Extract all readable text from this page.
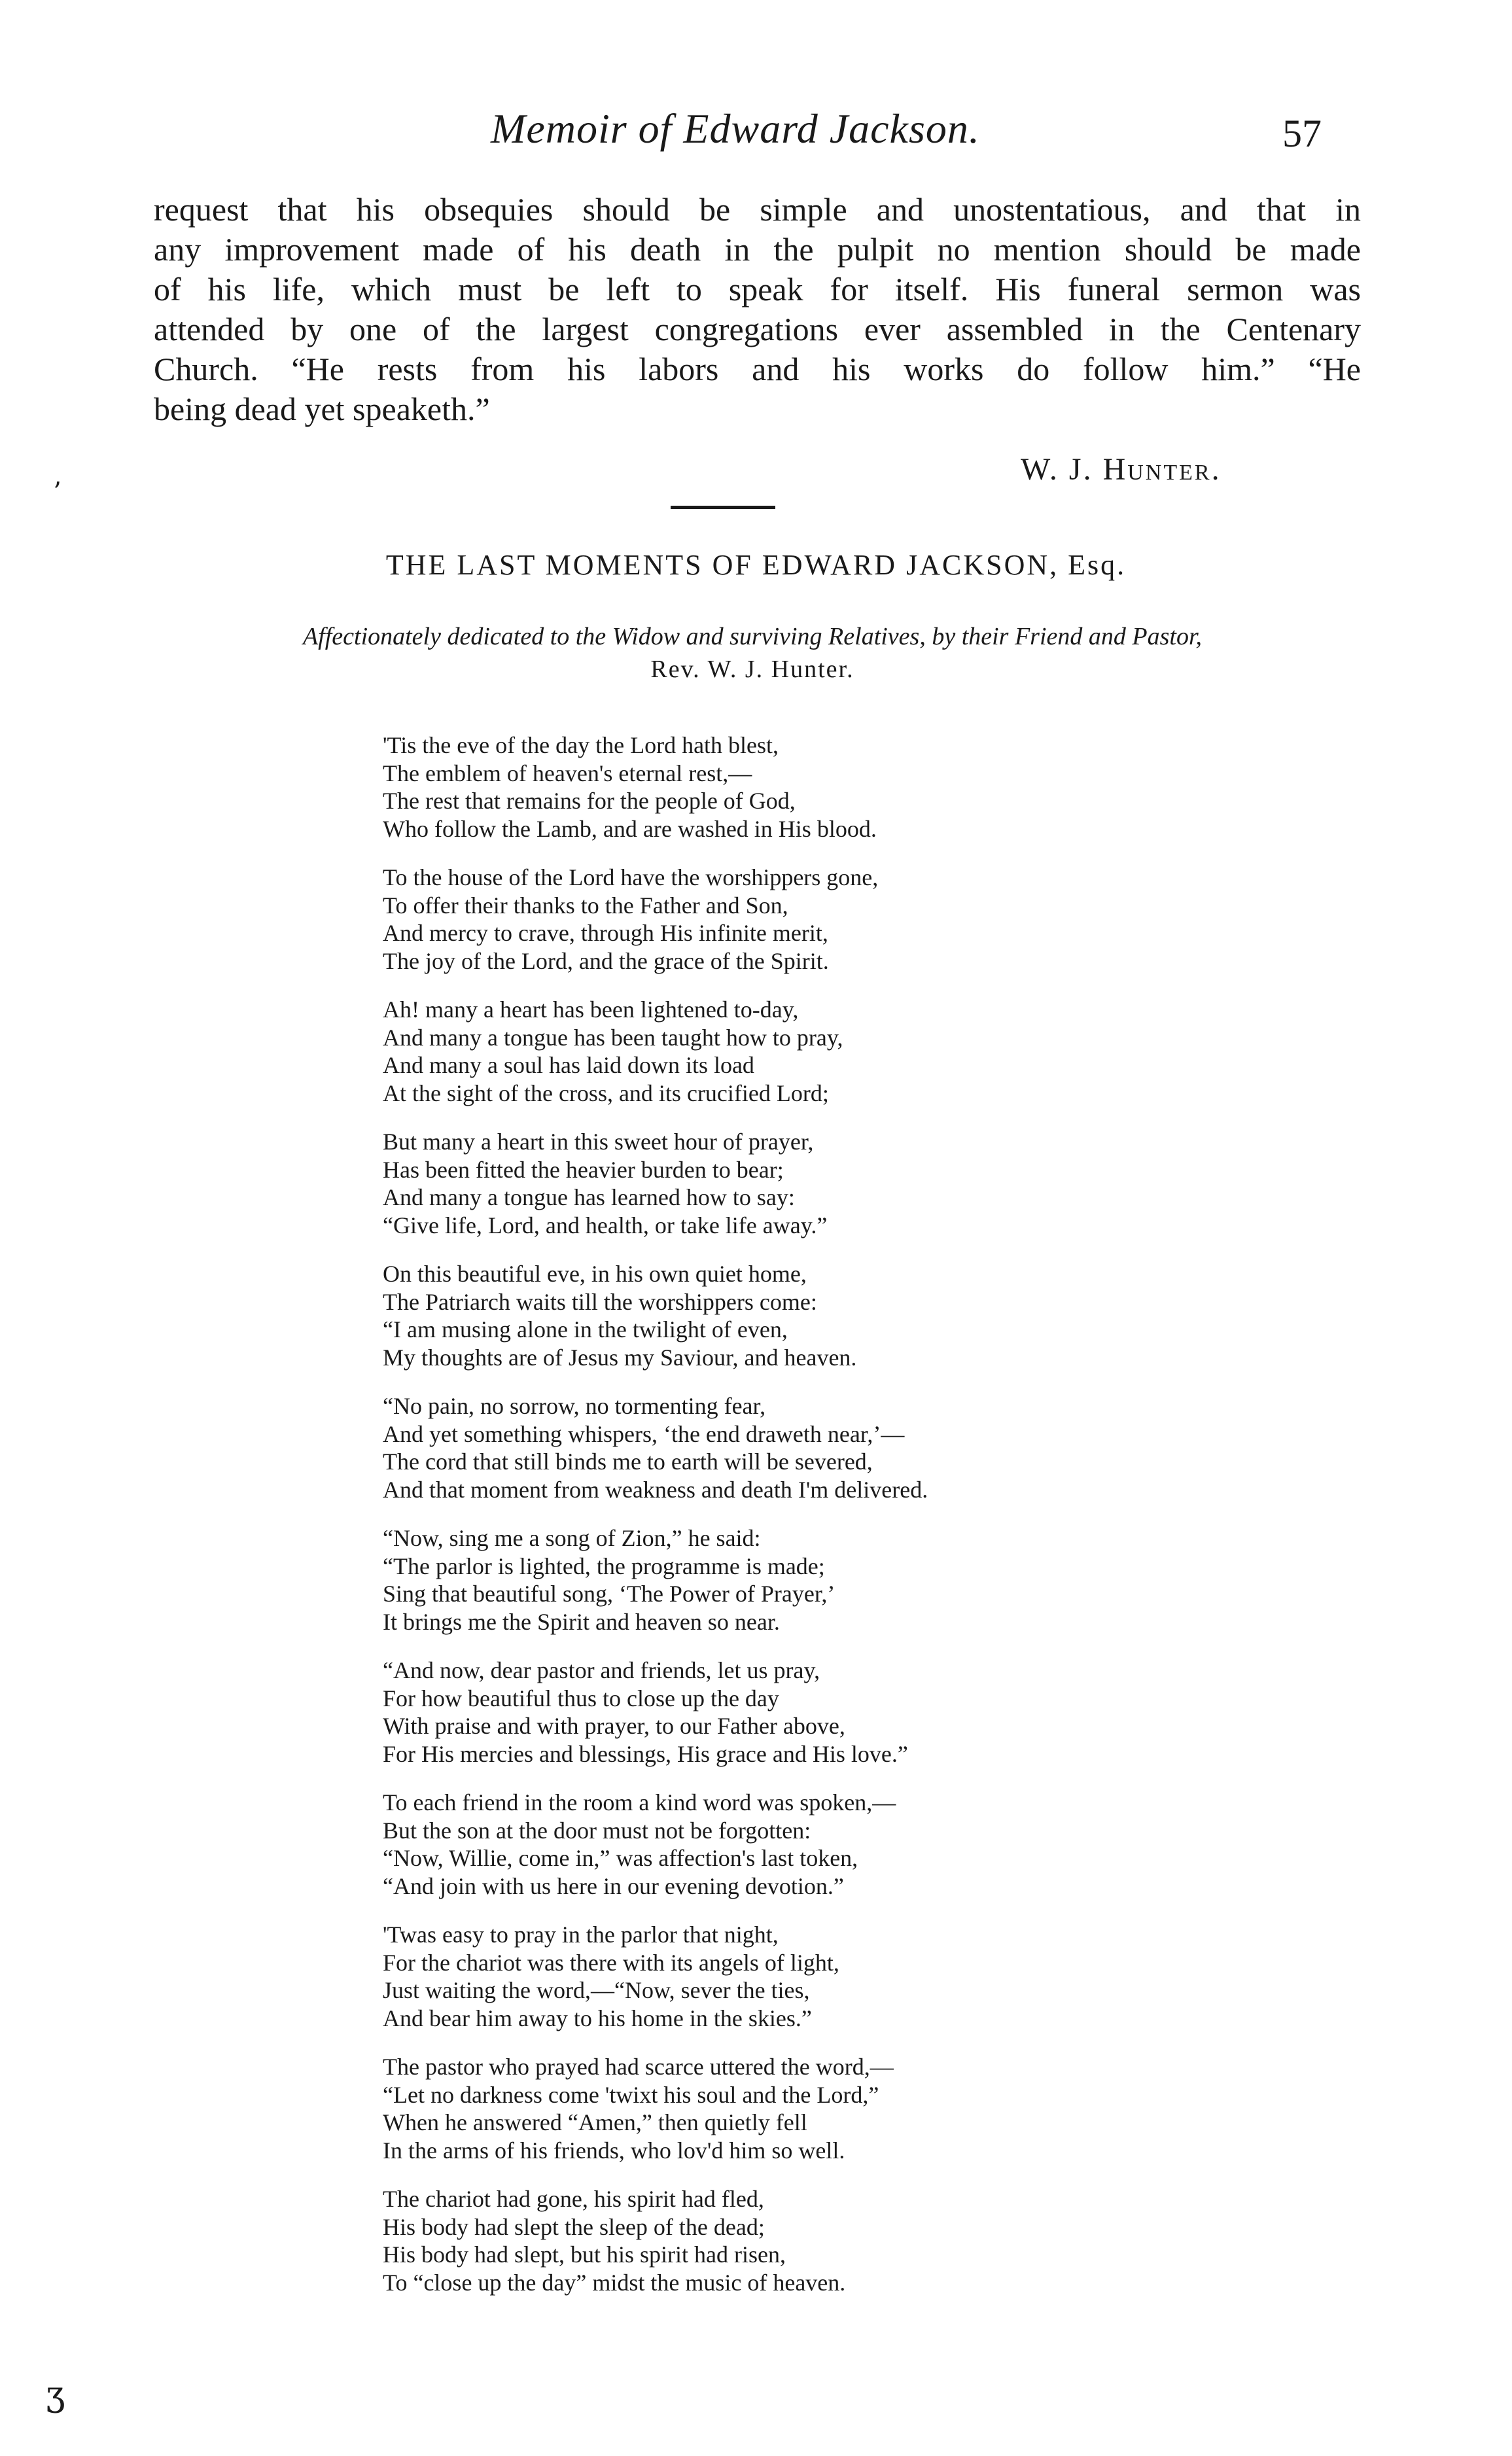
Memoir of Edward Jackson.	57
request that his obsequies should be simple and unostentatious, and that in
any improvement made of his death in the pulpit no mention should be made
of his life, which must be left to speak for itself. His funeral sermon was
attended by one of the largest congregations ever assembled in the Centenary
Church. “He rests from his labors and his works do follow him.” “He
being dead yet speaketh.”
ʼ
W. J. Hunter.
THE LAST MOMENTS OF EDWARD JACKSON, Esq.
Affectionately dedicated to the Widow and surviving Relatives, by their Friend and Pastor,
Rev. W. J. Hunter.
'Tis the eve of the day the Lord hath blest,
The emblem of heaven's eternal rest,—
The rest that remains for the people of God,
Who follow the Lamb, and are washed in His blood.
To the house of the Lord have the worshippers gone,
To offer their thanks to the Father and Son,
And mercy to crave, through His infinite merit,
The joy of the Lord, and the grace of the Spirit.
Ah! many a heart has been lightened to-day,
And many a tongue has been taught how to pray,
And many a soul has laid down its load
At the sight of the cross, and its crucified Lord;
But many a heart in this sweet hour of prayer,
Has been fitted the heavier burden to bear;
And many a tongue has learned how to say:
“Give life, Lord, and health, or take life away.”
On this beautiful eve, in his own quiet home,
The Patriarch waits till the worshippers come:
“I am musing alone in the twilight of even,
My thoughts are of Jesus my Saviour, and heaven.
“No pain, no sorrow, no tormenting fear,
And yet something whispers, ‘the end draweth near,’—
The cord that still binds me to earth will be severed,
And that moment from weakness and death I'm delivered.
“Now, sing me a song of Zion,” he said:
“The parlor is lighted, the programme is made;
Sing that beautiful song, ‘The Power of Prayer,’
It brings me the Spirit and heaven so near.
“And now, dear pastor and friends, let us pray,
For how beautiful thus to close up the day
With praise and with prayer, to our Father above,
For His mercies and blessings, His grace and His love.”
To each friend in the room a kind word was spoken,—
But the son at the door must not be forgotten:
“Now, Willie, come in,” was affection's last token,
“And join with us here in our evening devotion.”
'Twas easy to pray in the parlor that night,
For the chariot was there with its angels of light,
Just waiting the word,—“Now, sever the ties,
And bear him away to his home in the skies.”
The pastor who prayed had scarce uttered the word,—
“Let no darkness come 'twixt his soul and the Lord,”
When he answered “Amen,” then quietly fell
In the arms of his friends, who lov'd him so well.
The chariot had gone, his spirit had fled,
His body had slept the sleep of the dead;
His body had slept, but his spirit had risen,
To “close up the day” midst the music of heaven.
ʒ
